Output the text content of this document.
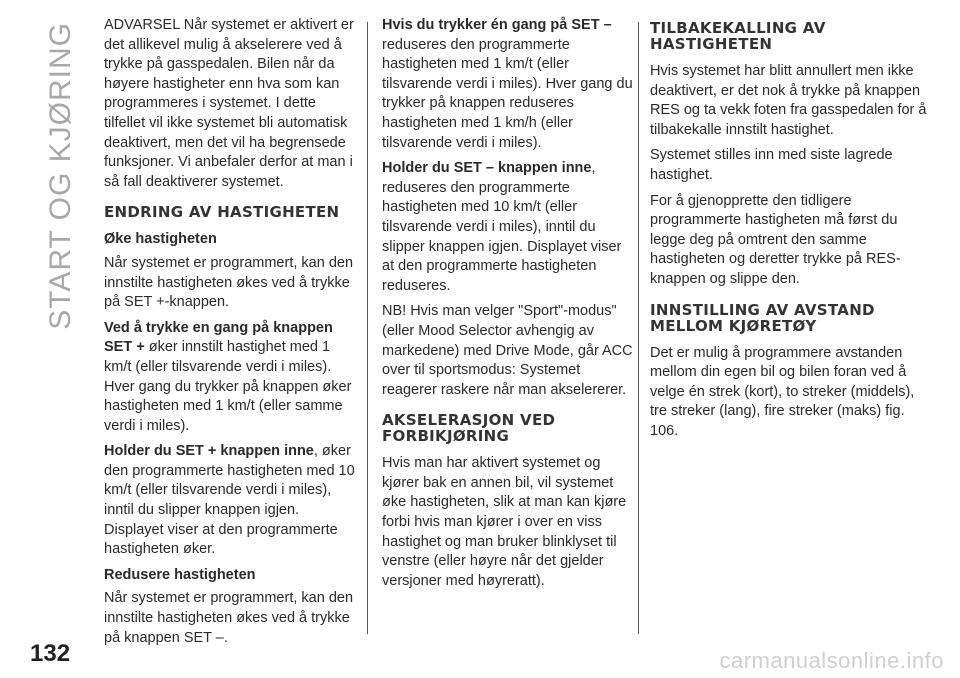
START OG KJØRING
132

ADVARSEL Når systemet er aktivert er det allikevel mulig å akselerere ved å trykke på gasspedalen. Bilen når da høyere hastigheter enn hva som kan programmeres i systemet. I dette tilfellet vil ikke systemet bli automatisk deaktivert, men det vil ha begrensede funksjoner. Vi anbefaler derfor at man i så fall deaktiverer systemet.

ENDRING AV HASTIGHETEN

Øke hastigheten

Når systemet er programmert, kan den innstilte hastigheten økes ved å trykke på SET +-knappen.

Ved å trykke en gang på knappen SET + øker innstilt hastighet med 1 km/t (eller tilsvarende verdi i miles). Hver gang du trykker på knappen øker hastigheten med 1 km/t (eller samme verdi i miles).

Holder du SET + knappen inne, øker den programmerte hastigheten med 10 km/t (eller tilsvarende verdi i miles), inntil du slipper knappen igjen. Displayet viser at den programmerte hastigheten øker.

Redusere hastigheten

Når systemet er programmert, kan den innstilte hastigheten økes ved å trykke på knappen SET –.

Hvis du trykker én gang på SET – reduseres den programmerte hastigheten med 1 km/t (eller tilsvarende verdi i miles). Hver gang du trykker på knappen reduseres hastigheten med 1 km/h (eller tilsvarende verdi i miles).

Holder du SET – knappen inne, reduseres den programmerte hastigheten med 10 km/t (eller tilsvarende verdi i miles), inntil du slipper knappen igjen. Displayet viser at den programmerte hastigheten reduseres.

NB! Hvis man velger "Sport"-modus" (eller Mood Selector avhengig av markedene) med Drive Mode, går ACC over til sportsmodus: Systemet reagerer raskere når man akselererer.

AKSELERASJON VED FORBIKJØRING

Hvis man har aktivert systemet og kjører bak en annen bil, vil systemet øke hastigheten, slik at man kan kjøre forbi hvis man kjører i over en viss hastighet og man bruker blinklyset til venstre (eller høyre når det gjelder versjoner med høyreratt).

TILBAKEKALLING AV HASTIGHETEN

Hvis systemet har blitt annullert men ikke deaktivert, er det nok å trykke på knappen RES og ta vekk foten fra gasspedalen for å tilbakekalle innstilt hastighet.

Systemet stilles inn med siste lagrede hastighet.

For å gjenopprette den tidligere programmerte hastigheten må først du legge deg på omtrent den samme hastigheten og deretter trykke på RES-knappen og slippe den.

INNSTILLING AV AVSTAND MELLOM KJØRETØY

Det er mulig å programmere avstanden mellom din egen bil og bilen foran ved å velge én strek (kort), to streker (middels), tre streker (lang), fire streker (maks) fig. 106.

carmanualsonline.info
